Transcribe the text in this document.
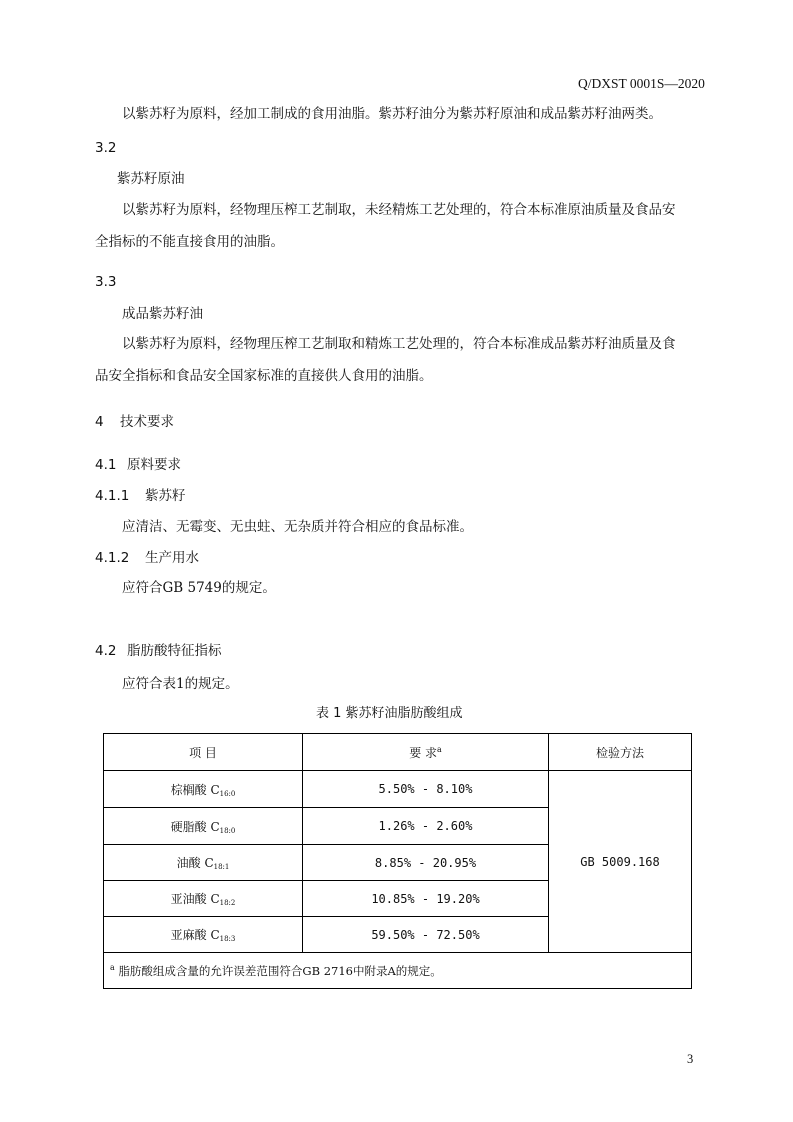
Q/DXST 0001S—2020
以紫苏籽为原料，经加工制成的食用油脂。紫苏籽油分为紫苏籽原油和成品紫苏籽油两类。
3.2
紫苏籽原油
以紫苏籽为原料，经物理压榨工艺制取，未经精炼工艺处理的，符合本标准原油质量及食品安
全指标的不能直接食用的油脂。
3.3
成品紫苏籽油
以紫苏籽为原料，经物理压榨工艺制取和精炼工艺处理的，符合本标准成品紫苏籽油质量及食
品安全指标和食品安全国家标准的直接供人食用的油脂。
4 技术要求
4.1 原料要求
4.1.1 紫苏籽
应清洁、无霉变、无虫蛀、无杂质并符合相应的食品标准。
4.1.2 生产用水
应符合GB 5749的规定。
4.2 脂肪酸特征指标
应符合表1的规定。
表 1 紫苏籽油脂肪酸组成
项 目	要 求$^a$	检验方法
棕榈酸 $C_{16:0}$	5.50% - 8.10%	GB 5009.168
硬脂酸 $C_{18:0}$	1.26% - 2.60%	
油酸 $C_{18:1}$	8.85% - 20.95%	
亚油酸 $C_{18:2}$	10.85% - 19.20%	
亚麻酸 $C_{18:3}$	59.50% - 72.50%	
$^a$ 脂肪酸组成含量的允许误差范围符合GB 2716中附录A的规定。		
3
